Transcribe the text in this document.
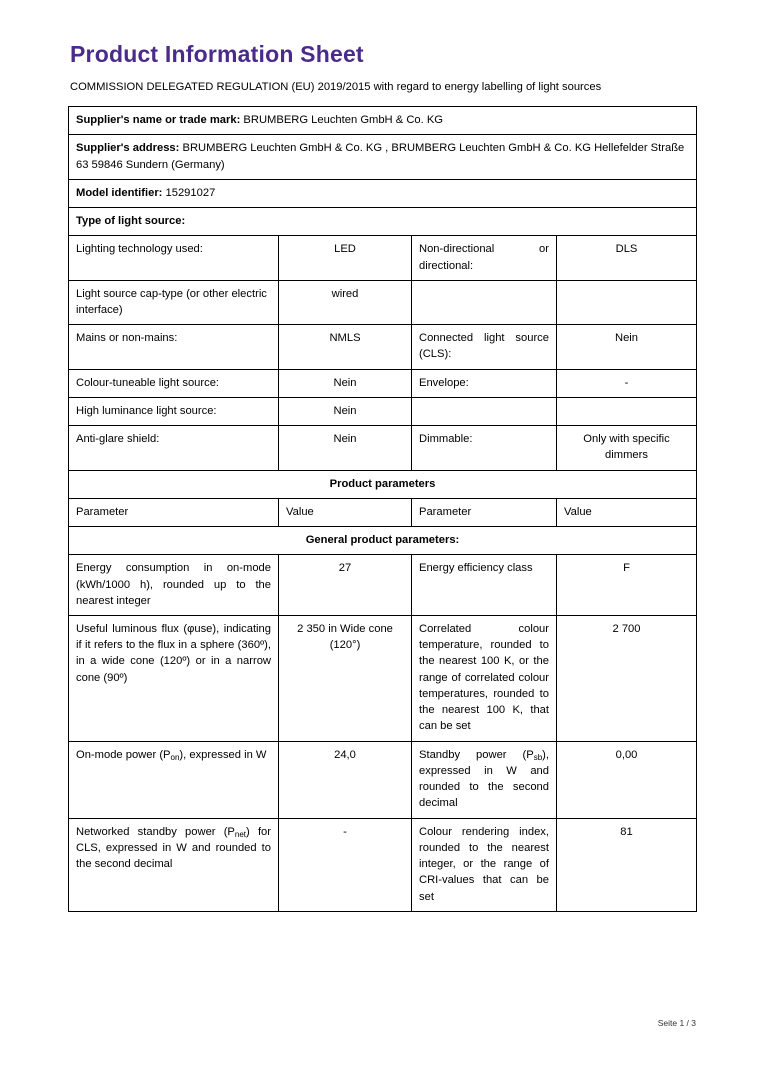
Product Information Sheet

COMMISSION DELEGATED REGULATION (EU) 2019/2015 with regard to energy labelling of light sources

Supplier's name or trade mark: BRUMBERG Leuchten GmbH & Co. KG			
Supplier's address: BRUMBERG Leuchten GmbH & Co. KG , BRUMBERG Leuchten GmbH & Co. KG Hellefelder Straße 63 59846 Sundern (Germany)			
Model identifier: 15291027			
Type of light source:			
Lighting technology used:	LED	Non-directional or directional:	DLS
Light source cap-type (or other electric interface)	wired		
Mains or non-mains:	NMLS	Connected light source (CLS):	Nein
Colour-tuneable light source:	Nein	Envelope:	-
High luminance light source:	Nein		
Anti-glare shield:	Nein	Dimmable:	Only with specific dimmers
Product parameters			
Parameter	Value	Parameter	Value
General product parameters:			
Energy consumption in on-mode (kWh/1000 h), rounded up to the nearest integer	27	Energy efficiency class	F
Useful luminous flux (φuse), indicating if it refers to the flux in a sphere (360º), in a wide cone (120º) or in a narrow cone (90º)	2 350 in Wide cone (120°)	Correlated colour temperature, rounded to the nearest 100 K, or the range of correlated colour temperatures, rounded to the nearest 100 K, that can be set	2 700
On-mode power $(P_{on})$, expressed in W	24,0	Standby power $(P_{sb})$, expressed in W and rounded to the second decimal	0,00
Networked standby power $(P_{net})$ for CLS, expressed in W and rounded to the second decimal	-	Colour rendering index, rounded to the nearest integer, or the range of CRI-values that can be set	81
Seite 1 / 3
